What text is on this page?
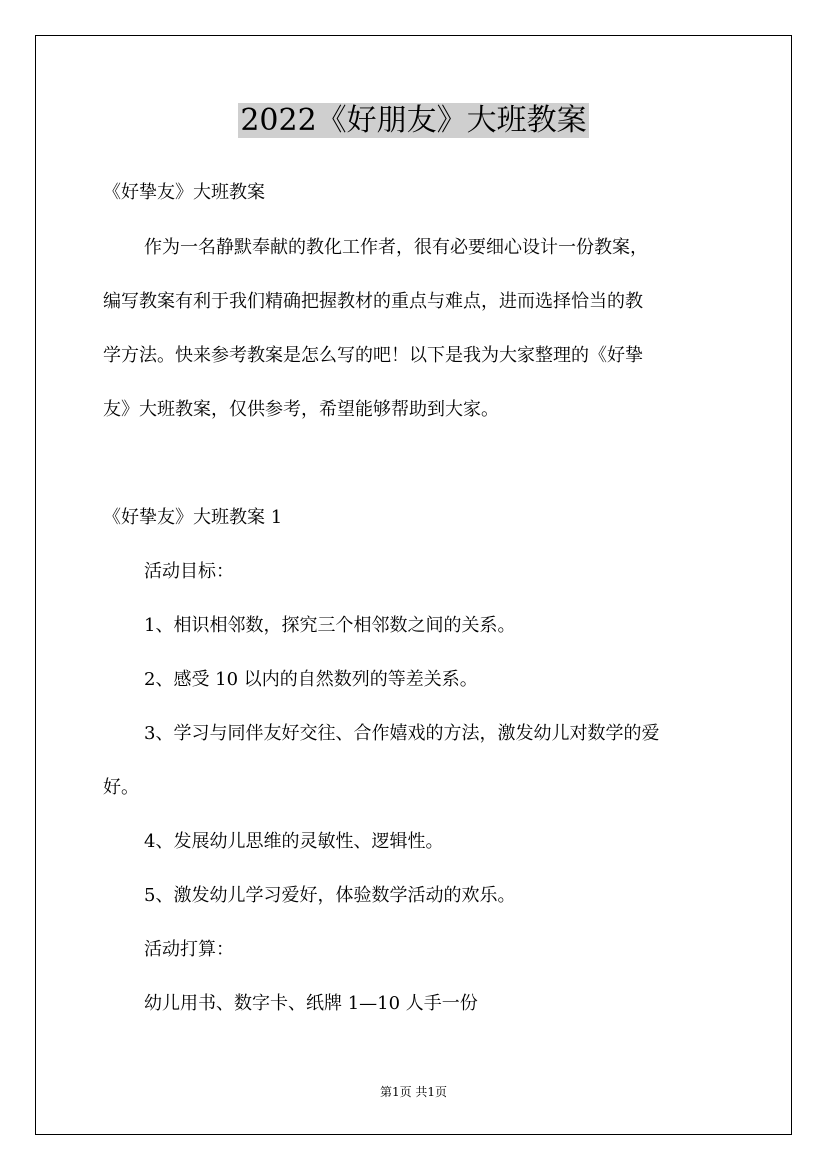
2022《好朋友》大班教案

《好挚友》大班教案

作为一名静默奉献的教化工作者，很有必要细心设计一份教案，

编写教案有利于我们精确把握教材的重点与难点，进而选择恰当的教

学方法。快来参考教案是怎么写的吧！以下是我为大家整理的《好挚

友》大班教案，仅供参考，希望能够帮助到大家。

《好挚友》大班教案 1

活动目标：

1、相识相邻数，探究三个相邻数之间的关系。

2、感受 10 以内的自然数列的等差关系。

3、学习与同伴友好交往、合作嬉戏的方法，激发幼儿对数学的爱

好。

4、发展幼儿思维的灵敏性、逻辑性。

5、激发幼儿学习爱好，体验数学活动的欢乐。

活动打算：

幼儿用书、数字卡、纸牌 1—10 人手一份

第1页 共1页
